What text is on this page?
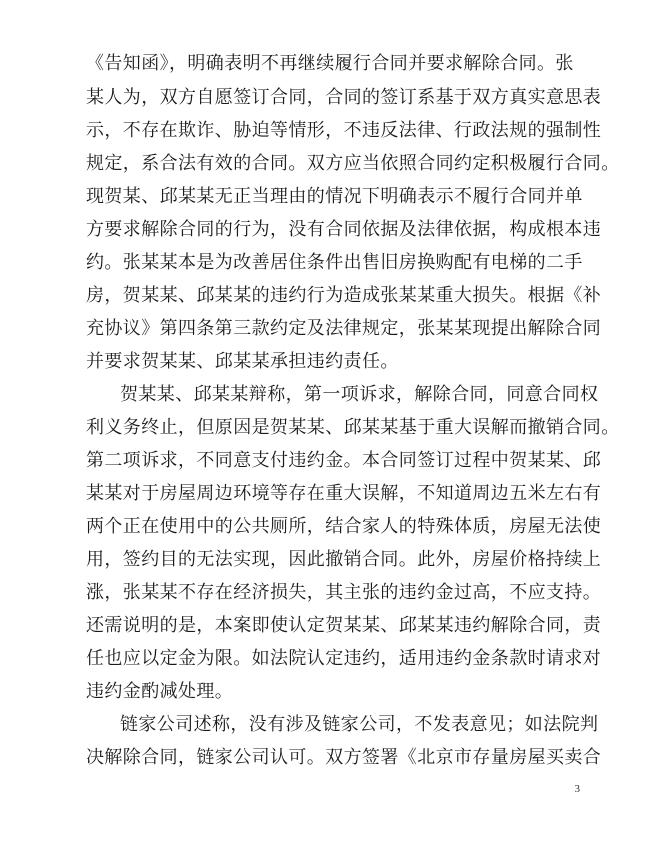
《告知函》，明确表明不再继续履行合同并要求解除合同。张
某人为，双方自愿签订合同，合同的签订系基于双方真实意思表
示，不存在欺诈、胁迫等情形，不违反法律、行政法规的强制性
规定，系合法有效的合同。双方应当依照合同约定积极履行合同。
现贺某、邱某某无正当理由的情况下明确表示不履行合同并单
方要求解除合同的行为，没有合同依据及法律依据，构成根本违
约。张某某本是为改善居住条件出售旧房换购配有电梯的二手
房，贺某某、邱某某的违约行为造成张某某重大损失。根据《补
充协议》第四条第三款约定及法律规定，张某某现提出解除合同
并要求贺某某、邱某某承担违约责任。
贺某某、邱某某辩称，第一项诉求，解除合同，同意合同权
利义务终止，但原因是贺某某、邱某某基于重大误解而撤销合同。
第二项诉求，不同意支付违约金。本合同签订过程中贺某某、邱
某某对于房屋周边环境等存在重大误解，不知道周边五米左右有
两个正在使用中的公共厕所，结合家人的特殊体质，房屋无法使
用，签约目的无法实现，因此撤销合同。此外，房屋价格持续上
涨，张某某不存在经济损失，其主张的违约金过高，不应支持。
还需说明的是，本案即使认定贺某某、邱某某违约解除合同，责
任也应以定金为限。如法院认定违约，适用违约金条款时请求对
违约金酌减处理。
链家公司述称，没有涉及链家公司，不发表意见；如法院判
决解除合同，链家公司认可。双方签署《北京市存量房屋买卖合
3
